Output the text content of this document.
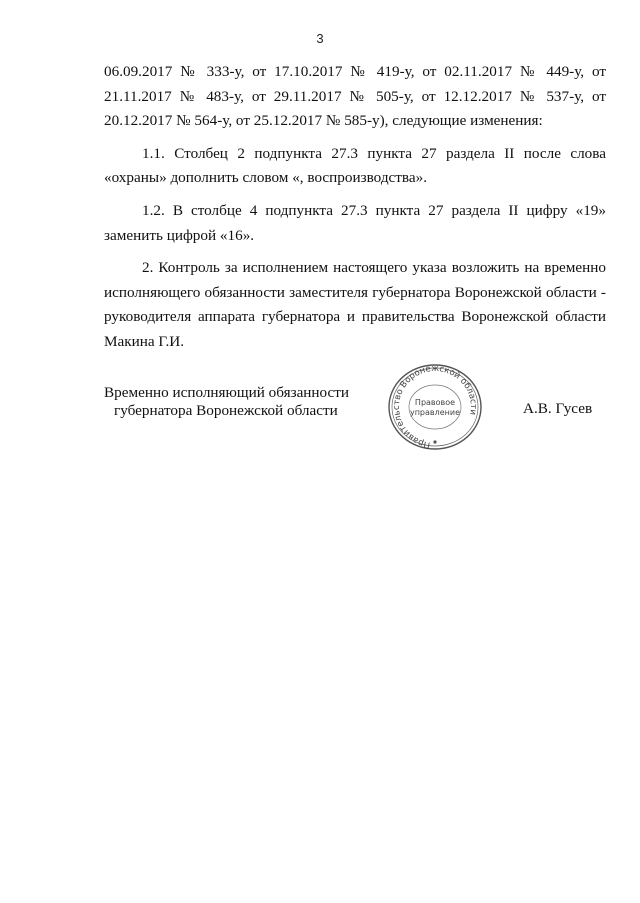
3
06.09.2017 № 333-у, от 17.10.2017 № 419-у, от 02.11.2017 № 449-у, от
21.11.2017 № 483-у, от 29.11.2017 № 505-у, от 12.12.2017 № 537-у, от
20.12.2017 № 564-у, от 25.12.2017 № 585-у), следующие изменения:
1.1. Столбец 2 подпункта 27.3 пункта 27 раздела II после слова
«охраны» дополнить словом «, воспроизводства».
1.2. В столбце 4 подпункта 27.3 пункта 27 раздела II цифру «19»
заменить цифрой «16».
2. Контроль за исполнением настоящего указа возложить на временно
исполняющего обязанности заместителя губернатора Воронежской области -
руководителя аппарата губернатора и правительства Воронежской области
Макина Г.И.
Временно исполняющий обязанности
губернатора Воронежской области
Правительство Воронежской области
Правовое
управление	А.В. Гусев
